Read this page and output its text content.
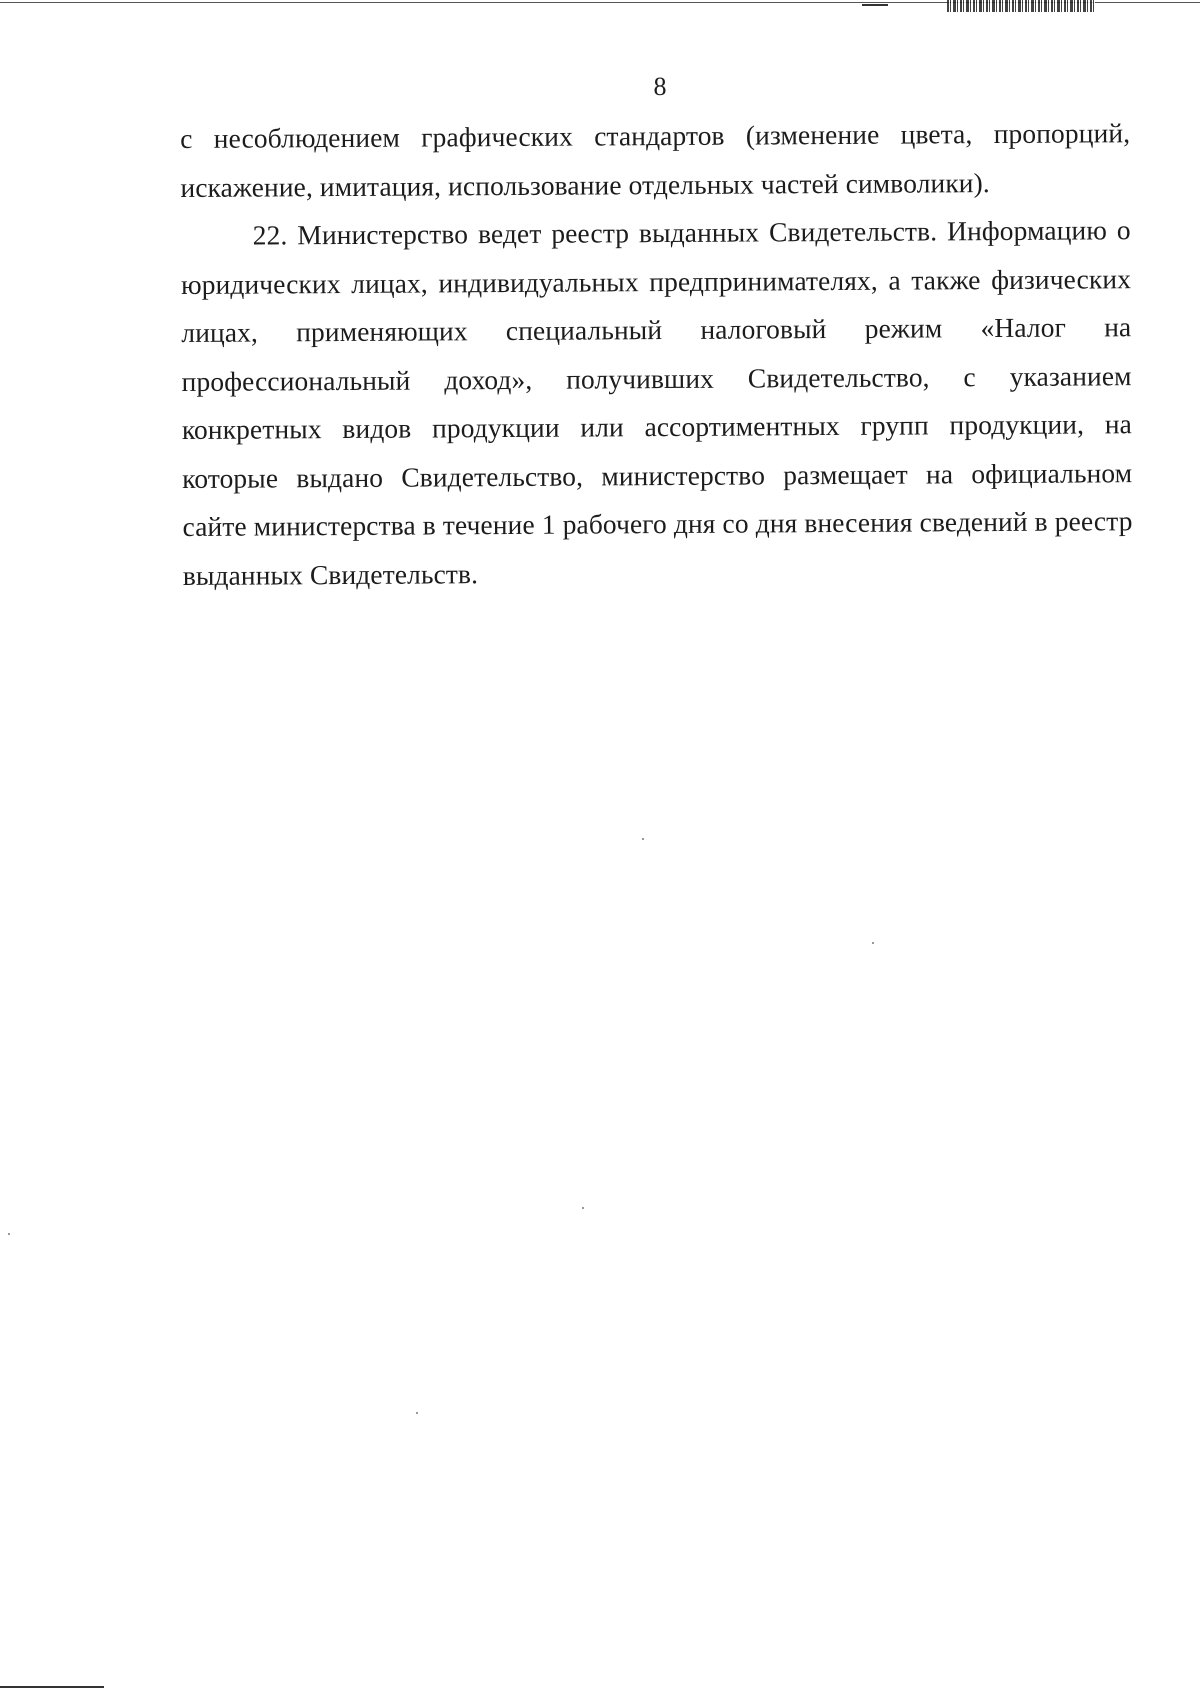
8

с несоблюдением графических стандартов (изменение цвета, пропорций, искажение, имитация, использование отдельных частей символики).

22. Министерство ведет реестр выданных Свидетельств. Информацию о юридических лицах, индивидуальных предпринимателях, а также физических лицах, применяющих специальный налоговый режим «Налог на профессиональный доход», получивших Свидетельство, с указанием конкретных видов продукции или ассортиментных групп продукции, на которые выдано Свидетельство, министерство размещает на официальном сайте министерства в течение 1 рабочего дня со дня внесения сведений в реестр выданных Свидетельств.
